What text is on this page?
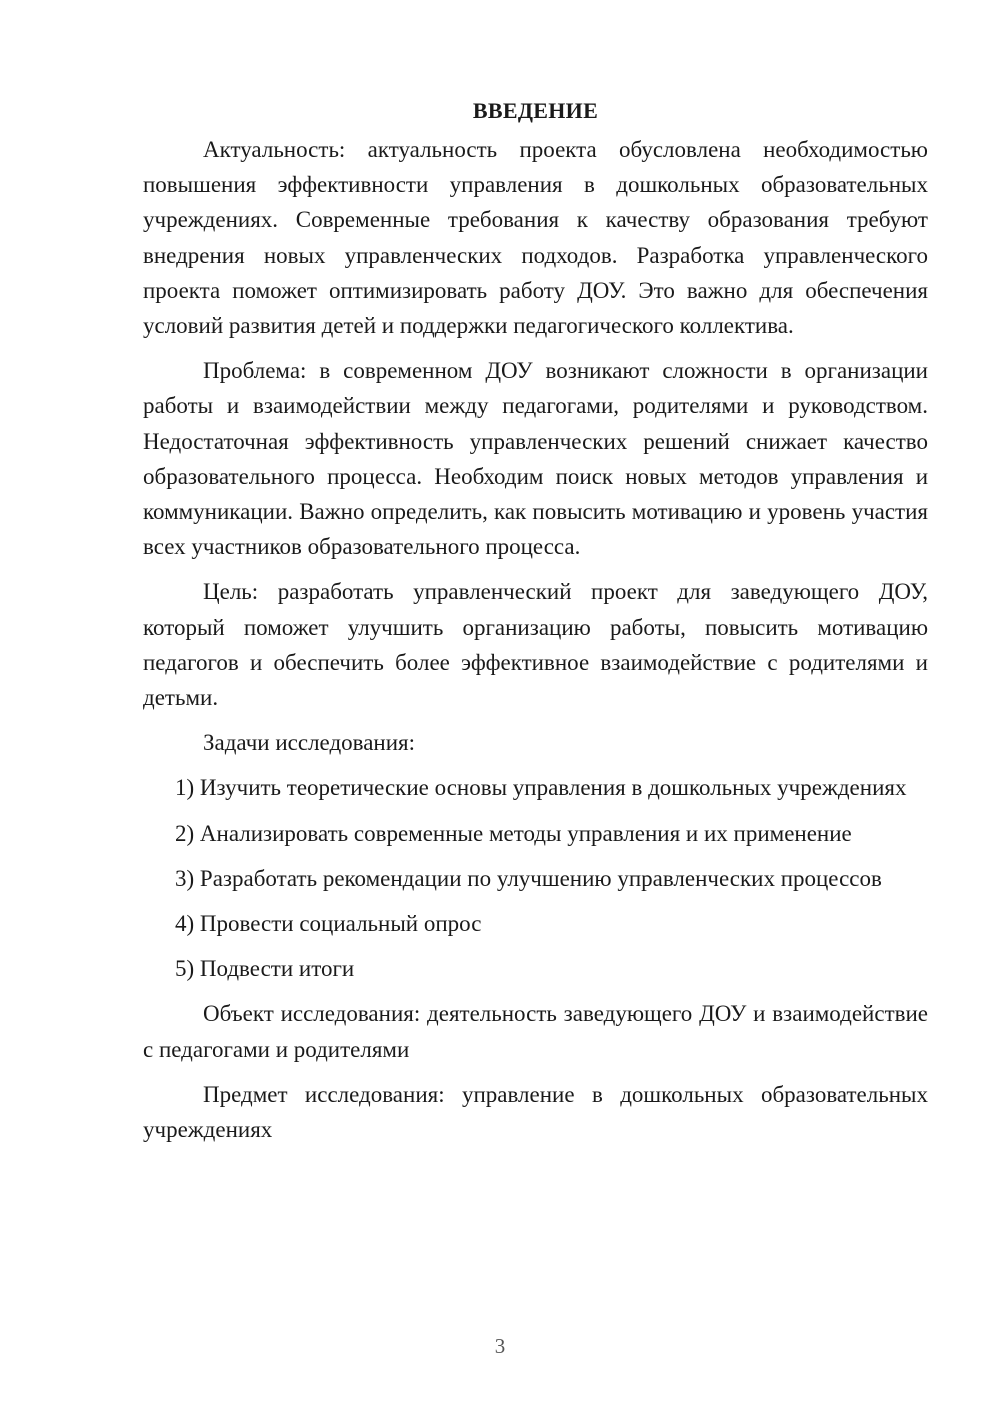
ВВЕДЕНИЕ

Актуальность: актуальность проекта обусловлена необходимостью повышения эффективности управления в дошкольных образовательных учреждениях. Современные требования к качеству образования требуют внедрения новых управленческих подходов. Разработка управленческого проекта поможет оптимизировать работу ДОУ. Это важно для обеспечения условий развития детей и поддержки педагогического коллектива.

Проблема: в современном ДОУ возникают сложности в организации работы и взаимодействии между педагогами, родителями и руководством. Недостаточная эффективность управленческих решений снижает качество образовательного процесса. Необходим поиск новых методов управления и коммуникации. Важно определить, как повысить мотивацию и уровень участия всех участников образовательного процесса.

Цель: разработать управленческий проект для заведующего ДОУ, который поможет улучшить организацию работы, повысить мотивацию педагогов и обеспечить более эффективное взаимодействие с родителями и детьми.

Задачи исследования:

1) Изучить теоретические основы управления в дошкольных учреждениях

2) Анализировать современные методы управления и их применение

3) Разработать рекомендации по улучшению управленческих процессов

4) Провести социальный опрос

5) Подвести итоги

Объект исследования: деятельность заведующего ДОУ и взаимодействие с педагогами и родителями

Предмет исследования: управление в дошкольных образовательных учреждениях

3
